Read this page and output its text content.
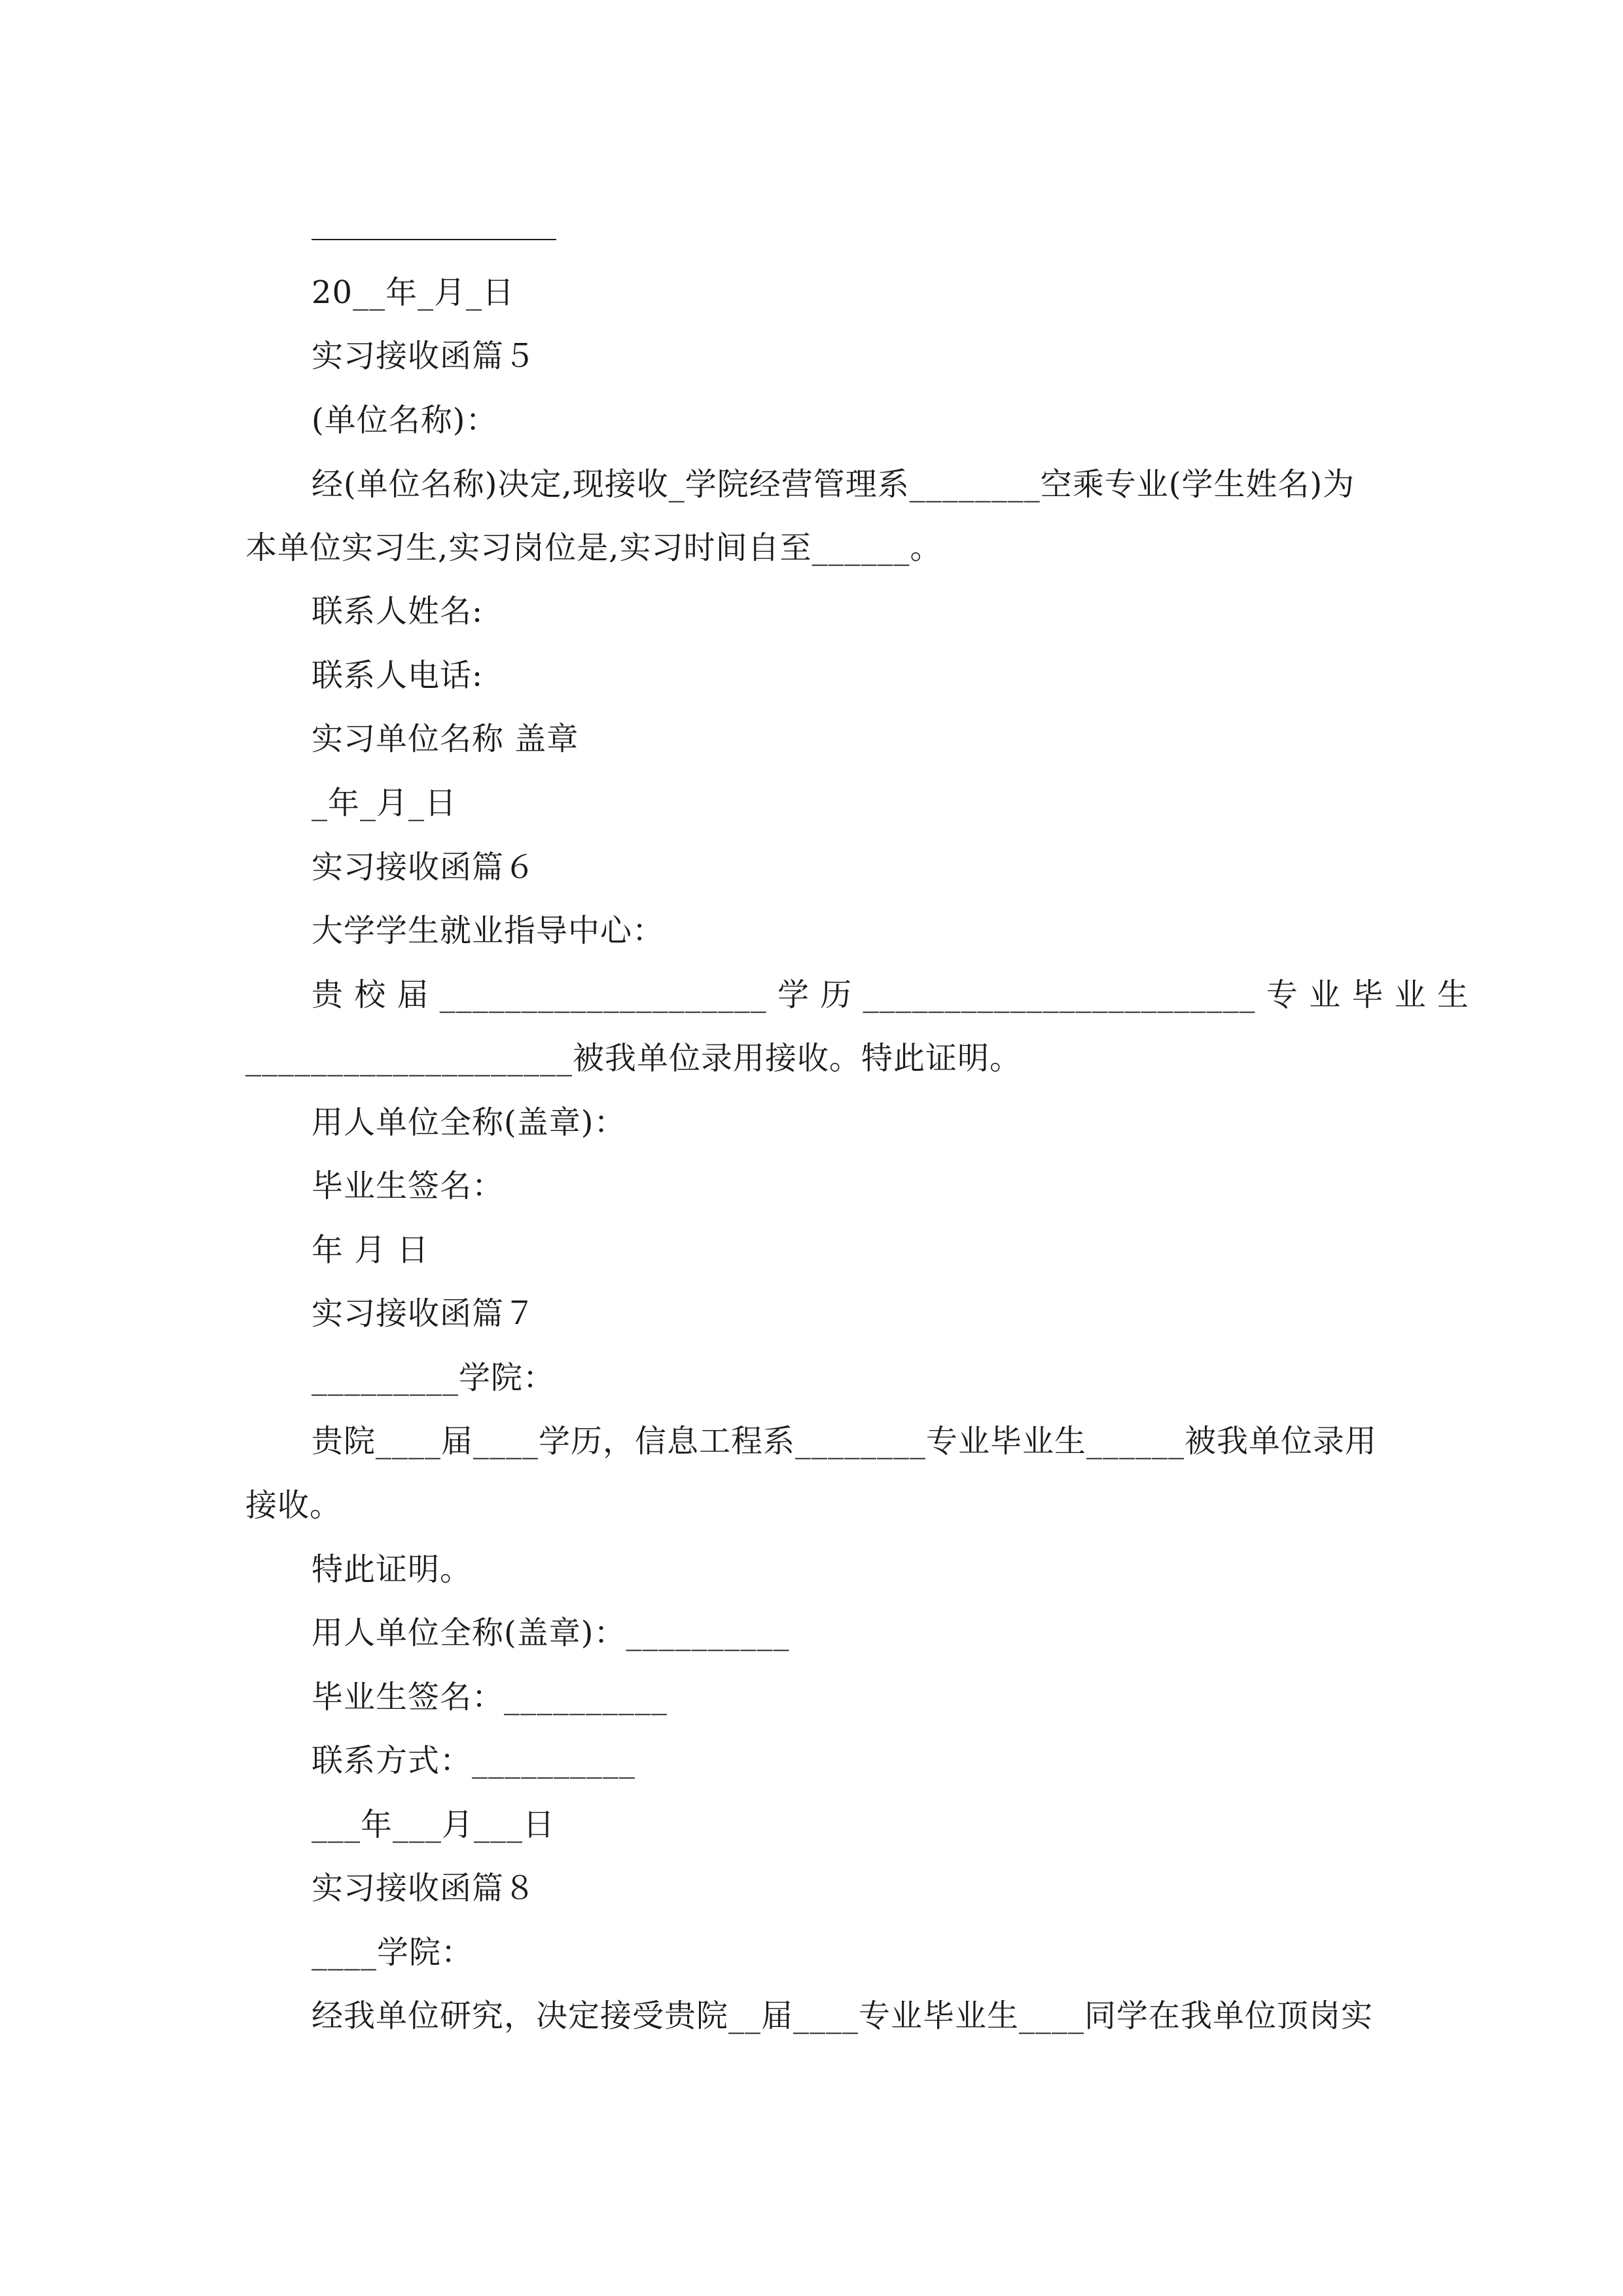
20__年_月_日
实习接收函篇５
(单位名称)：
经(单位名称)决定,现接收_学院经营管理系________空乘专业(学生姓名)为
本单位实习生,实习岗位是,实习时间自至______。
联系人姓名:
联系人电话:
实习单位名称 盖章
_年_月_日
实习接收函篇６
大学学生就业指导中心：
贵 校 届 ____________________ 学 历 ________________________ 专 业 毕 业 生
____________________被我单位录用接收。特此证明。
用人单位全称(盖章)：
毕业生签名：
年 月 日
实习接收函篇７
_________学院：
贵院____届____学历，信息工程系________专业毕业生______被我单位录用
接收。
特此证明。
用人单位全称(盖章)：__________
毕业生签名：__________
联系方式：__________
___年___月___日
实习接收函篇８
____学院：
经我单位研究，决定接受贵院__届____专业毕业生____同学在我单位顶岗实
